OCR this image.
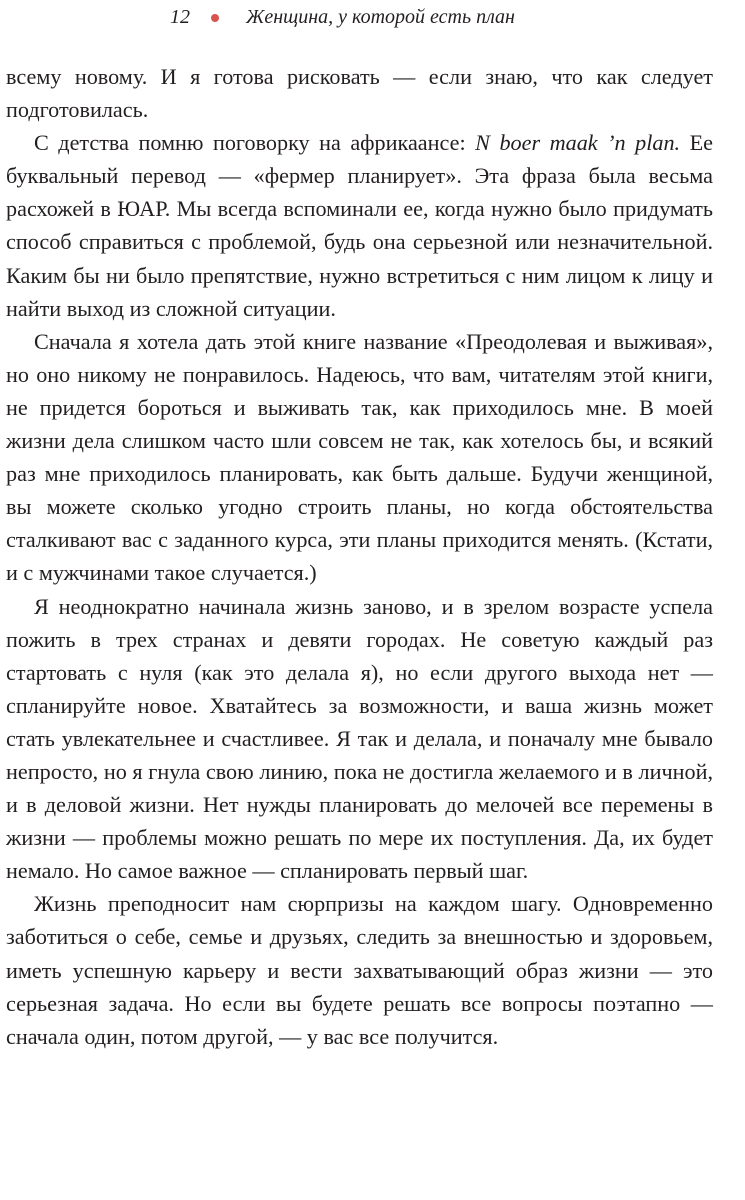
12	Женщина, у которой есть план

всему новому. И я готова рисковать — если знаю, что как следует подготовилась.

С детства помню поговорку на африкаансе: N boer maak ’n plan. Ее буквальный перевод — «фермер планирует». Эта фраза была весьма расхожей в ЮАР. Мы всегда вспоминали ее, когда нужно было придумать способ справиться с проблемой, будь она серьезной или незначительной. Каким бы ни было препятствие, нужно встретиться с ним лицом к лицу и найти выход из сложной ситуации.

Сначала я хотела дать этой книге название «Преодолевая и выживая», но оно никому не понравилось. Надеюсь, что вам, читателям этой книги, не придется бороться и выживать так, как приходилось мне. В моей жизни дела слишком часто шли совсем не так, как хотелось бы, и всякий раз мне приходилось планировать, как быть дальше. Будучи женщиной, вы можете сколько угодно строить планы, но когда обстоятельства сталкивают вас с заданного курса, эти планы приходится менять. (Кстати, и с мужчинами такое случается.)

Я неоднократно начинала жизнь заново, и в зрелом возрасте успела пожить в трех странах и девяти городах. Не советую каждый раз стартовать с нуля (как это делала я), но если другого выхода нет — спланируйте новое. Хватайтесь за возможности, и ваша жизнь может стать увлекательнее и счастливее. Я так и делала, и поначалу мне бывало непросто, но я гнула свою линию, пока не достигла желаемого и в личной, и в деловой жизни. Нет нужды планировать до мелочей все перемены в жизни — проблемы можно решать по мере их поступления. Да, их будет немало. Но самое важное — спланировать первый шаг.

Жизнь преподносит нам сюрпризы на каждом шагу. Одновременно заботиться о себе, семье и друзьях, следить за внешностью и здоровьем, иметь успешную карьеру и вести захватывающий образ жизни — это серьезная задача. Но если вы будете решать все вопросы поэтапно — сначала один, потом другой, — у вас все получится.
